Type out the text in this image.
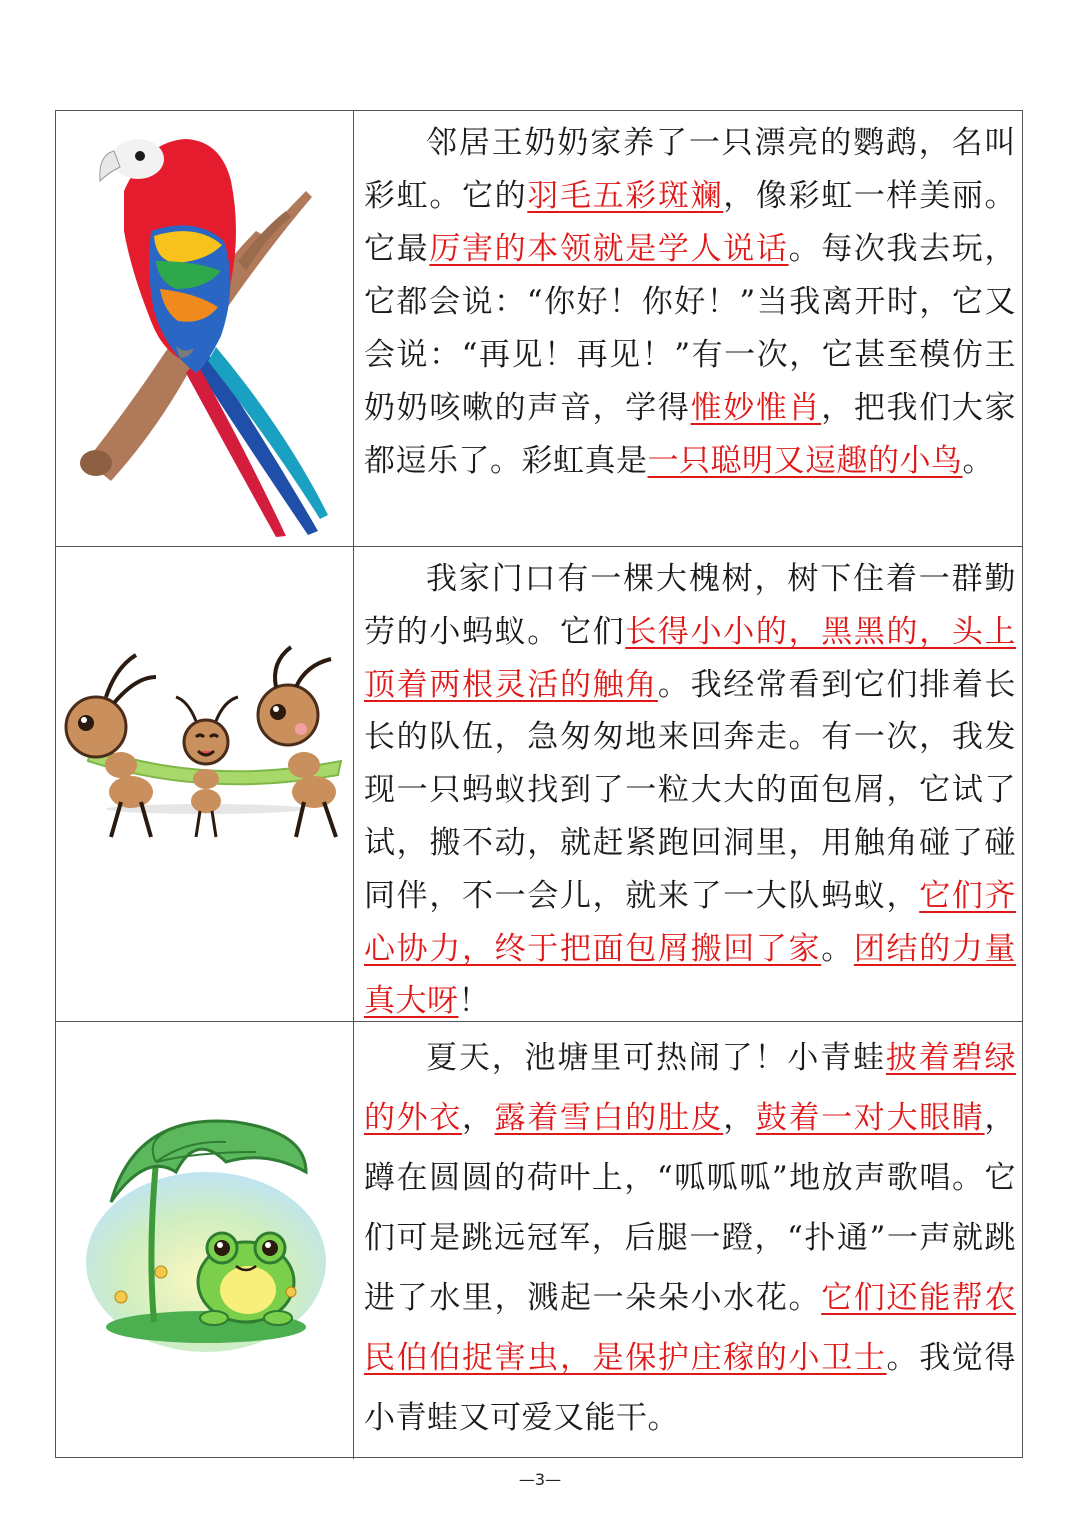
邻居王奶奶家养了一只漂亮的鹦鹉，名叫彩虹。它的羽毛五彩斑斓，像彩虹一样美丽。它最厉害的本领就是学人说话。每次我去玩，它都会说：“你好！你好！”当我离开时，它又会说：“再见！再见！”有一次，它甚至模仿王奶奶咳嗽的声音，学得惟妙惟肖，把我们大家都逗乐了。彩虹真是一只聪明又逗趣的小鸟。

我家门口有一棵大槐树，树下住着一群勤劳的小蚂蚁。它们长得小小的，黑黑的，头上顶着两根灵活的触角。我经常看到它们排着长长的队伍，急匆匆地来回奔走。有一次，我发现一只蚂蚁找到了一粒大大的面包屑，它试了试，搬不动，就赶紧跑回洞里，用触角碰了碰同伴，不一会儿，就来了一大队蚂蚁，它们齐心协力，终于把面包屑搬回了家。团结的力量真大呀！

夏天，池塘里可热闹了！小青蛙披着碧绿的外衣，露着雪白的肚皮，鼓着一对大眼睛，蹲在圆圆的荷叶上，“呱呱呱”地放声歌唱。它们可是跳远冠军，后腿一蹬，“扑通”一声就跳进了水里，溅起一朵朵小水花。它们还能帮农民伯伯捉害虫，是保护庄稼的小卫士。我觉得小青蛙又可爱又能干。

—3—
